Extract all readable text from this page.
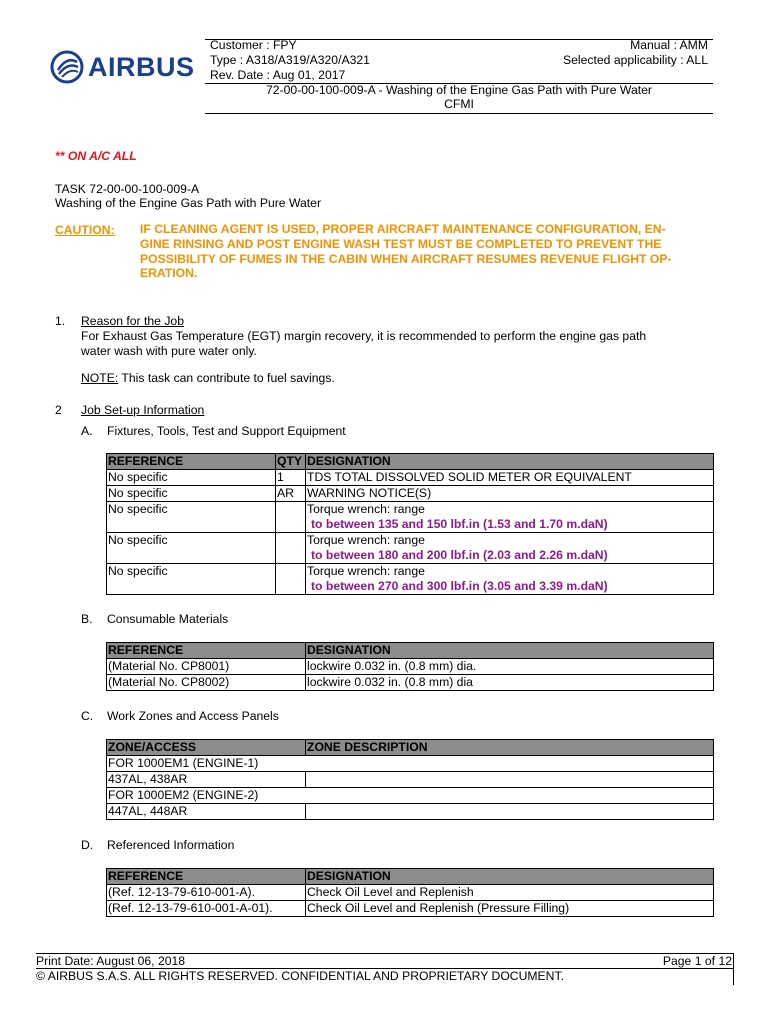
AIRBUS
Customer : FPY	Manual : AMM
Type : A318/A319/A320/A321	Selected applicability : ALL
Rev. Date : Aug 01, 2017
72-00-00-100-009-A - Washing of the Engine Gas Path with Pure Water
CFMI
** ON A/C ALL
TASK 72-00-00-100-009-A
Washing of the Engine Gas Path with Pure Water
CAUTION: IF CLEANING AGENT IS USED, PROPER AIRCRAFT MAINTENANCE CONFIGURATION, EN-
GINE RINSING AND POST ENGINE WASH TEST MUST BE COMPLETED TO PREVENT THE
POSSIBILITY OF FUMES IN THE CABIN WHEN AIRCRAFT RESUMES REVENUE FLIGHT OP-
ERATION.
1. Reason for the Job
For Exhaust Gas Temperature (EGT) margin recovery, it is recommended to perform the engine gas path
water wash with pure water only.
NOTE: This task can contribute to fuel savings.
2 Job Set-up Information
A. Fixtures, Tools, Test and Support Equipment
REFERENCE	QTY	DESIGNATION
No specific	1	TDS TOTAL DISSOLVED SOLID METER OR EQUIVALENT
No specific	AR	WARNING NOTICE(S)
No specific		Torque wrench: range
to between 135 and 150 lbf.in (1.53 and 1.70 m.daN)

No specific		Torque wrench: range
to between 180 and 200 lbf.in (2.03 and 2.26 m.daN)

No specific		Torque wrench: range
to between 270 and 300 lbf.in (3.05 and 3.39 m.daN)
B. Consumable Materials
REFERENCE	DESIGNATION
(Material No. CP8001)	lockwire 0.032 in. (0.8 mm) dia.
(Material No. CP8002)	lockwire 0.032 in. (0.8 mm) dia
C. Work Zones and Access Panels
ZONE/ACCESS	ZONE DESCRIPTION
FOR 1000EM1 (ENGINE-1)	
437AL, 438AR	
FOR 1000EM2 (ENGINE-2)	
447AL, 448AR	
D. Referenced Information
REFERENCE	DESIGNATION
(Ref. 12-13-79-610-001-A).	Check Oil Level and Replenish
(Ref. 12-13-79-610-001-A-01).	Check Oil Level and Replenish (Pressure Filling)
Print Date: August 06, 2018	Page 1 of 12
© AIRBUS S.A.S. ALL RIGHTS RESERVED. CONFIDENTIAL AND PROPRIETARY DOCUMENT.
